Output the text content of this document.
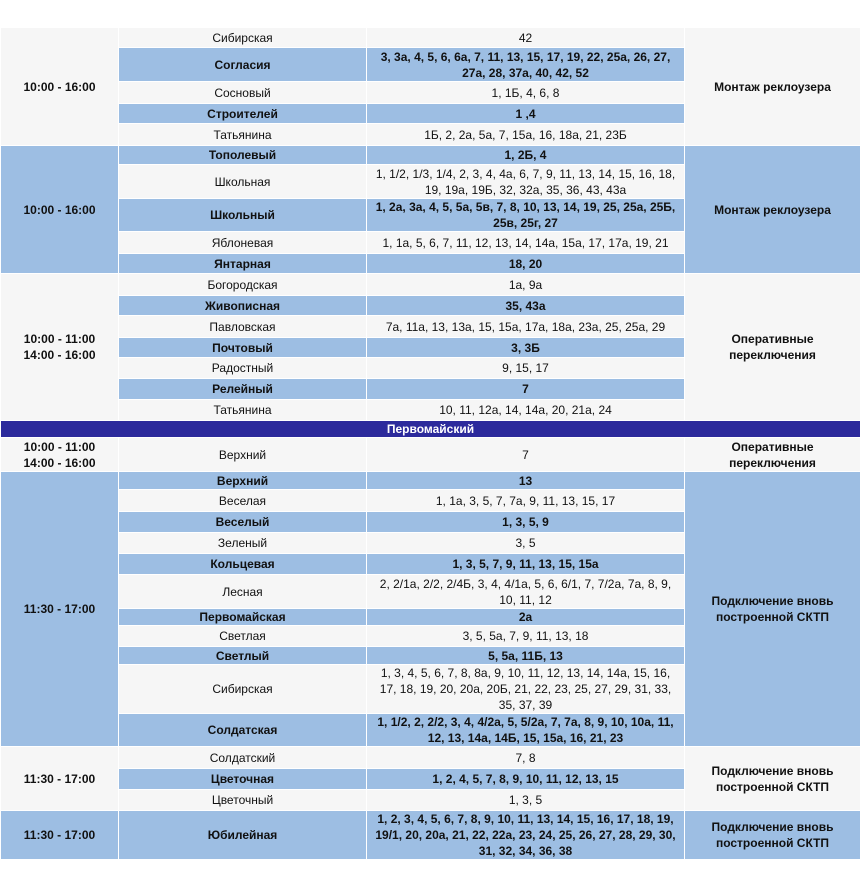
10:00 - 16:00	Сибирская	42	Монтаж реклоузера
	Согласия	3, 3а, 4, 5, 6, 6а, 7, 11, 13, 15, 17, 19, 22, 25а, 26, 27, 27а, 28, 37а, 40, 42, 52	
	Сосновый	1, 1Б, 4, 6, 8	
	Строителей	1 ,4	
	Татьянина	1Б, 2, 2а, 5а, 7, 15а, 16, 18а, 21, 23Б	

10:00 - 16:00	Тополевый	1, 2Б, 4	Монтаж реклоузера
	Школьная	1, 1/2, 1/3, 1/4, 2, 3, 4, 4а, 6, 7, 9, 11, 13, 14, 15, 16, 18, 19, 19а, 19Б, 32, 32а, 35, 36, 43, 43а	
	Школьный	1, 2а, 3а, 4, 5, 5а, 5в, 7, 8, 10, 13, 14, 19, 25, 25а, 25Б, 25в, 25г, 27	
	Яблоневая	1, 1а, 5, 6, 7, 11, 12, 13, 14, 14а, 15а, 17, 17а, 19, 21	
	Янтарная	18, 20	

10:00 - 11:00
14:00 - 16:00	Богородская	1а, 9а	Оперативные переключения
	Живописная	35, 43а	
	Павловская	7а, 11а, 13, 13а, 15, 15а, 17а, 18а, 23а, 25, 25а, 29	
	Почтовый	3, 3Б	
	Радостный	9, 15, 17	
	Релейный	7	
	Татьянина	10, 11, 12а, 14, 14а, 20, 21а, 24	
Первомайский			

10:00 - 11:00
14:00 - 16:00	Верхний	7	Оперативные переключения

11:30 - 17:00	Верхний	13	Подключение вновь построенной СКТП
	Веселая	1, 1а, 3, 5, 7, 7а, 9, 11, 13, 15, 17	
	Веселый	1, 3, 5, 9	
	Зеленый	3, 5	
	Кольцевая	1, 3, 5, 7, 9, 11, 13, 15, 15а	
	Лесная	2, 2/1а, 2/2, 2/4Б, 3, 4, 4/1а, 5, 6, 6/1, 7, 7/2а, 7а, 8, 9, 10, 11, 12	
	Первомайская	2а	
	Светлая	3, 5, 5а, 7, 9, 11, 13, 18	
	Светлый	5, 5а, 11Б, 13	
	Сибирская	1, 3, 4, 5, 6, 7, 8, 8а, 9, 10, 11, 12, 13, 14, 14а, 15, 16, 17, 18, 19, 20, 20а, 20Б, 21, 22, 23, 25, 27, 29, 31, 33, 35, 37, 39	
	Солдатская	1, 1/2, 2, 2/2, 3, 4, 4/2а, 5, 5/2а, 7, 7а, 8, 9, 10, 10а, 11, 12, 13, 14а, 14Б, 15, 15а, 16, 21, 23	

11:30 - 17:00	Солдатский	7, 8	Подключение вновь построенной СКТП
	Цветочная	1, 2, 4, 5, 7, 8, 9, 10, 11, 12, 13, 15	
	Цветочный	1, 3, 5	

11:30 - 17:00	Юбилейная	1, 2, 3, 4, 5, 6, 7, 8, 9, 10, 11, 13, 14, 15, 16, 17, 18, 19, 19/1, 20, 20а, 21, 22, 22а, 23, 24, 25, 26, 27, 28, 29, 30, 31, 32, 34, 36, 38	Подключение вновь построенной СКТП
